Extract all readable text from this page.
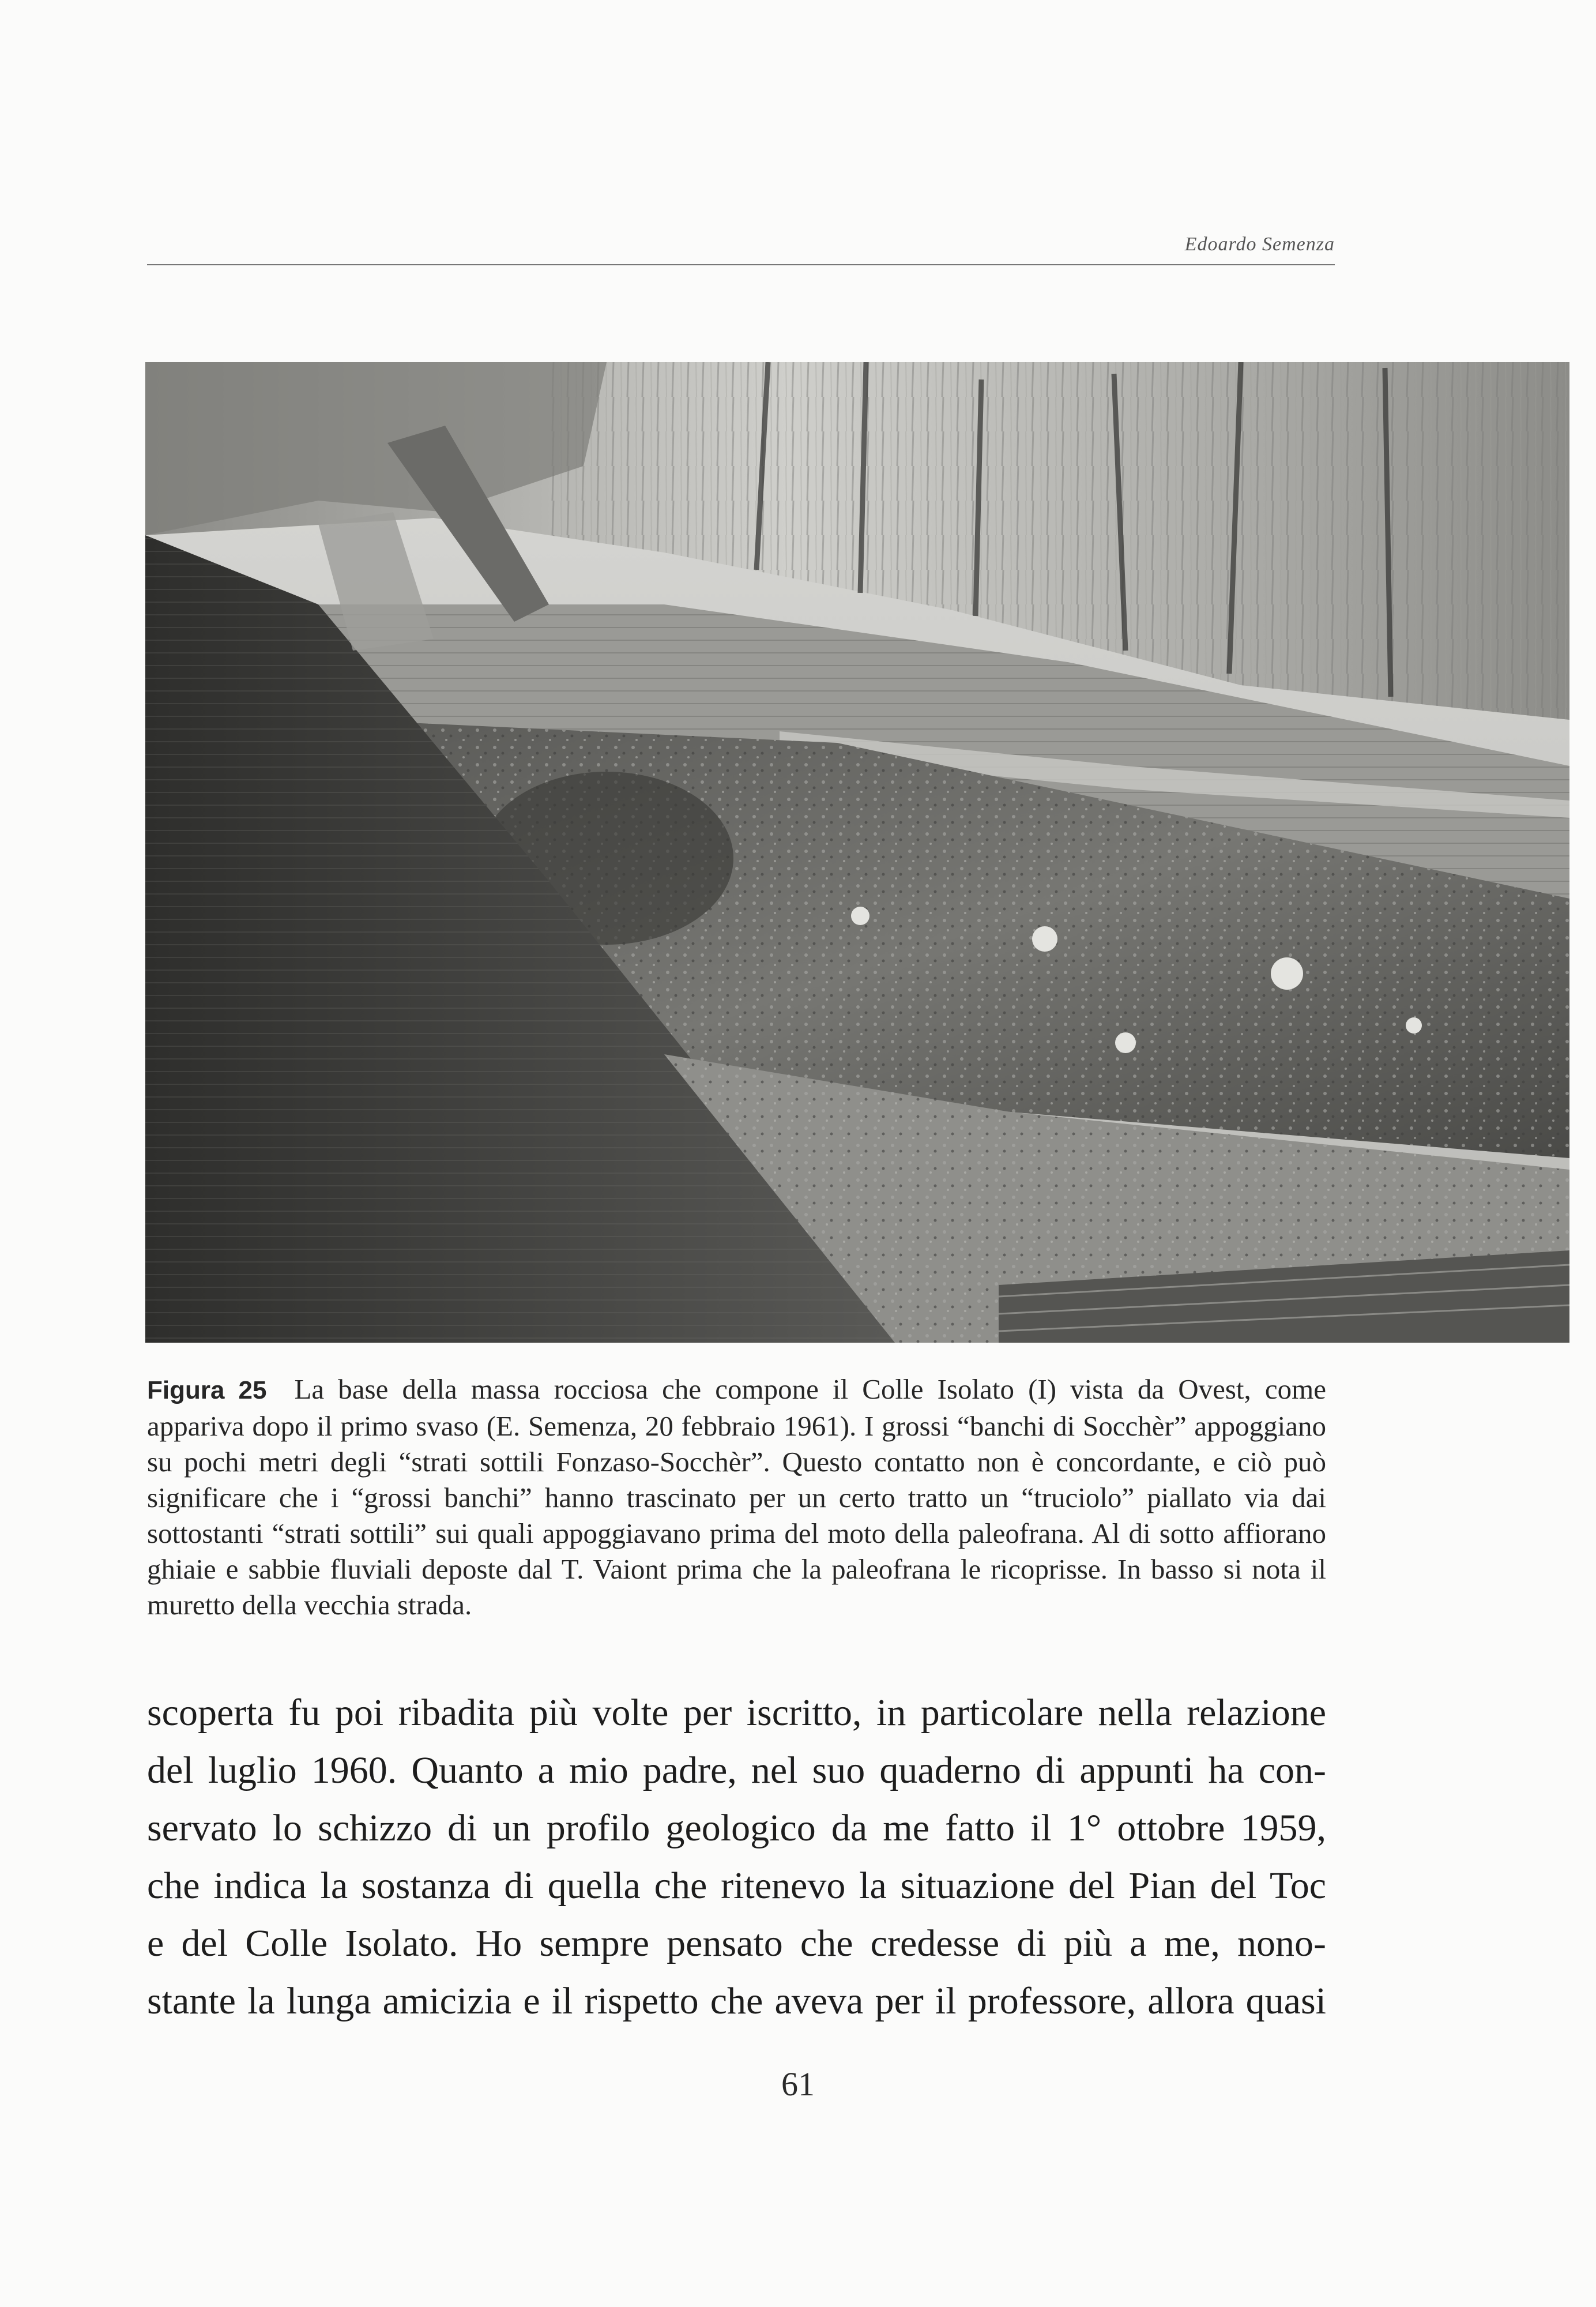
Edoardo Semenza
Figura 25 La base della massa rocciosa che compone il Colle Isolato (I) vista da Ovest, come appariva dopo il primo svaso (E. Semenza, 20 febbraio 1961). I grossi “banchi di Socchèr” appoggiano su pochi metri degli “strati sottili Fonzaso-Socchèr”. Questo contatto non è concordante, e ciò può significare che i “grossi banchi” hanno trascinato per un certo tratto un “truciolo” piallato via dai sottostanti “strati sottili” sui quali appoggiavano prima del moto della paleofrana. Al di sotto affiorano ghiaie e sabbie fluviali deposte dal T. Vaiont prima che la paleofrana le ricoprisse. In basso si nota il muretto della vecchia strada.
scoperta fu poi ribadita più volte per iscritto, in particolare nella relazione
del luglio 1960. Quanto a mio padre, nel suo quaderno di appunti ha con-
servato lo schizzo di un profilo geologico da me fatto il 1° ottobre 1959,
che indica la sostanza di quella che ritenevo la situazione del Pian del Toc
e del Colle Isolato. Ho sempre pensato che credesse di più a me, nono-
stante la lunga amicizia e il rispetto che aveva per il professore, allora quasi
61
